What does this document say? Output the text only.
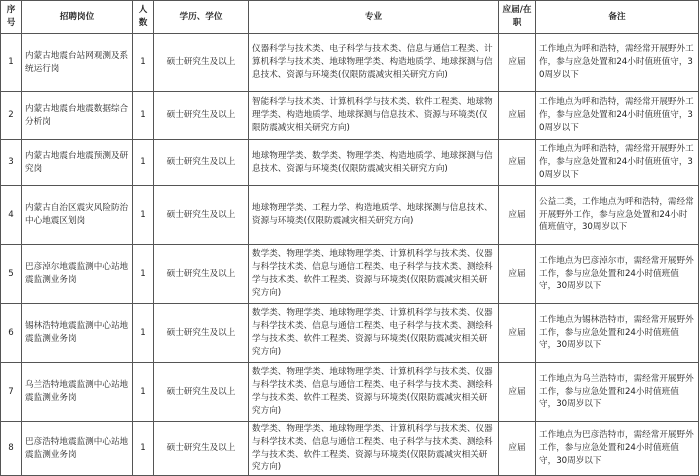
序号	招聘岗位	人数	学历、学位	专业	应届/在职	备注
1	内蒙古地震台站网观测及系统运行岗	1	硕士研究生及以上	仪器科学与技术类、电子科学与技术类、信息与通信工程类、计算机科学与技术类、地球物理学类、构造地质学、地球探测与信息技术、资源与环境类(仅限防震减灾相关研究方向)	应届	工作地点为呼和浩特，需经常开展野外工作，参与应急处置和24小时值班值守，30周岁以下
2	内蒙古地震台地震数据综合分析岗	1	硕士研究生及以上	智能科学与技术类、计算机科学与技术类、软件工程类、地球物理学类、构造地质学、地球探测与信息技术、资源与环境类(仅限防震减灾相关研究方向)	应届	工作地点为呼和浩特，需经常开展野外工作，参与应急处置和24小时值班值守，30周岁以下
3	内蒙古地震台地震预测及研究岗	1	硕士研究生及以上	地球物理学类、数学类、物理学类、构造地质学、地球探测与信息技术、资源与环境类(仅限防震减灾相关研究方向)	应届	工作地点为呼和浩特，需经常开展野外工作，参与应急处置和24小时值班值守，30周岁以下
4	内蒙古自治区震灾风险防治中心地震区划岗	1	硕士研究生及以上	地球物理学类、工程力学、构造地质学、地球探测与信息技术、资源与环境类(仅限防震减灾相关研究方向)	应届	公益二类，工作地点为呼和浩特，需经常开展野外工作，参与应急处置和24小时值班值守，30周岁以下
5	巴彦淖尔地震监测中心站地震监测业务岗	1	硕士研究生及以上	数学类、物理学类、地球物理学类、计算机科学与技术类、仪器与科学技术类、信息与通信工程类、电子科学与技术类、测绘科学与技术类、软件工程类、资源与环境类(仅限防震减灾相关研究方向)	应届	工作地点为巴彦淖尔市，需经常开展野外工作，参与应急处置和24小时值班值守，30周岁以下
6	锡林浩特地震监测中心站地震监测业务岗	1	硕士研究生及以上	数学类、物理学类、地球物理学类、计算机科学与技术类、仪器与科学技术类、信息与通信工程类、电子科学与技术类、测绘科学与技术类、软件工程类、资源与环境类(仅限防震减灾相关研究方向)	应届	工作地点为锡林浩特市，需经常开展野外工作，参与应急处置和24小时值班值守，30周岁以下
7	乌兰浩特地震监测中心站地震监测业务岗	1	硕士研究生及以上	数学类、物理学类、地球物理学类、计算机科学与技术类、仪器与科学技术类、信息与通信工程类、电子科学与技术类、测绘科学与技术类、软件工程类、资源与环境类(仅限防震减灾相关研究方向)	应届	工作地点为乌兰浩特市，需经常开展野外工作，参与应急处置和24小时值班值守，30周岁以下
8	巴彦浩特地震监测中心站地震监测业务岗	1	硕士研究生及以上	数学类、物理学类、地球物理学类、计算机科学与技术类、仪器与科学技术类、信息与通信工程类、电子科学与技术类、测绘科学与技术类、软件工程类、资源与环境类(仅限防震减灾相关研究方向)	应届	工作地点为巴彦浩特市，需经常开展野外工作，参与应急处置和24小时值班值守，30周岁以下
